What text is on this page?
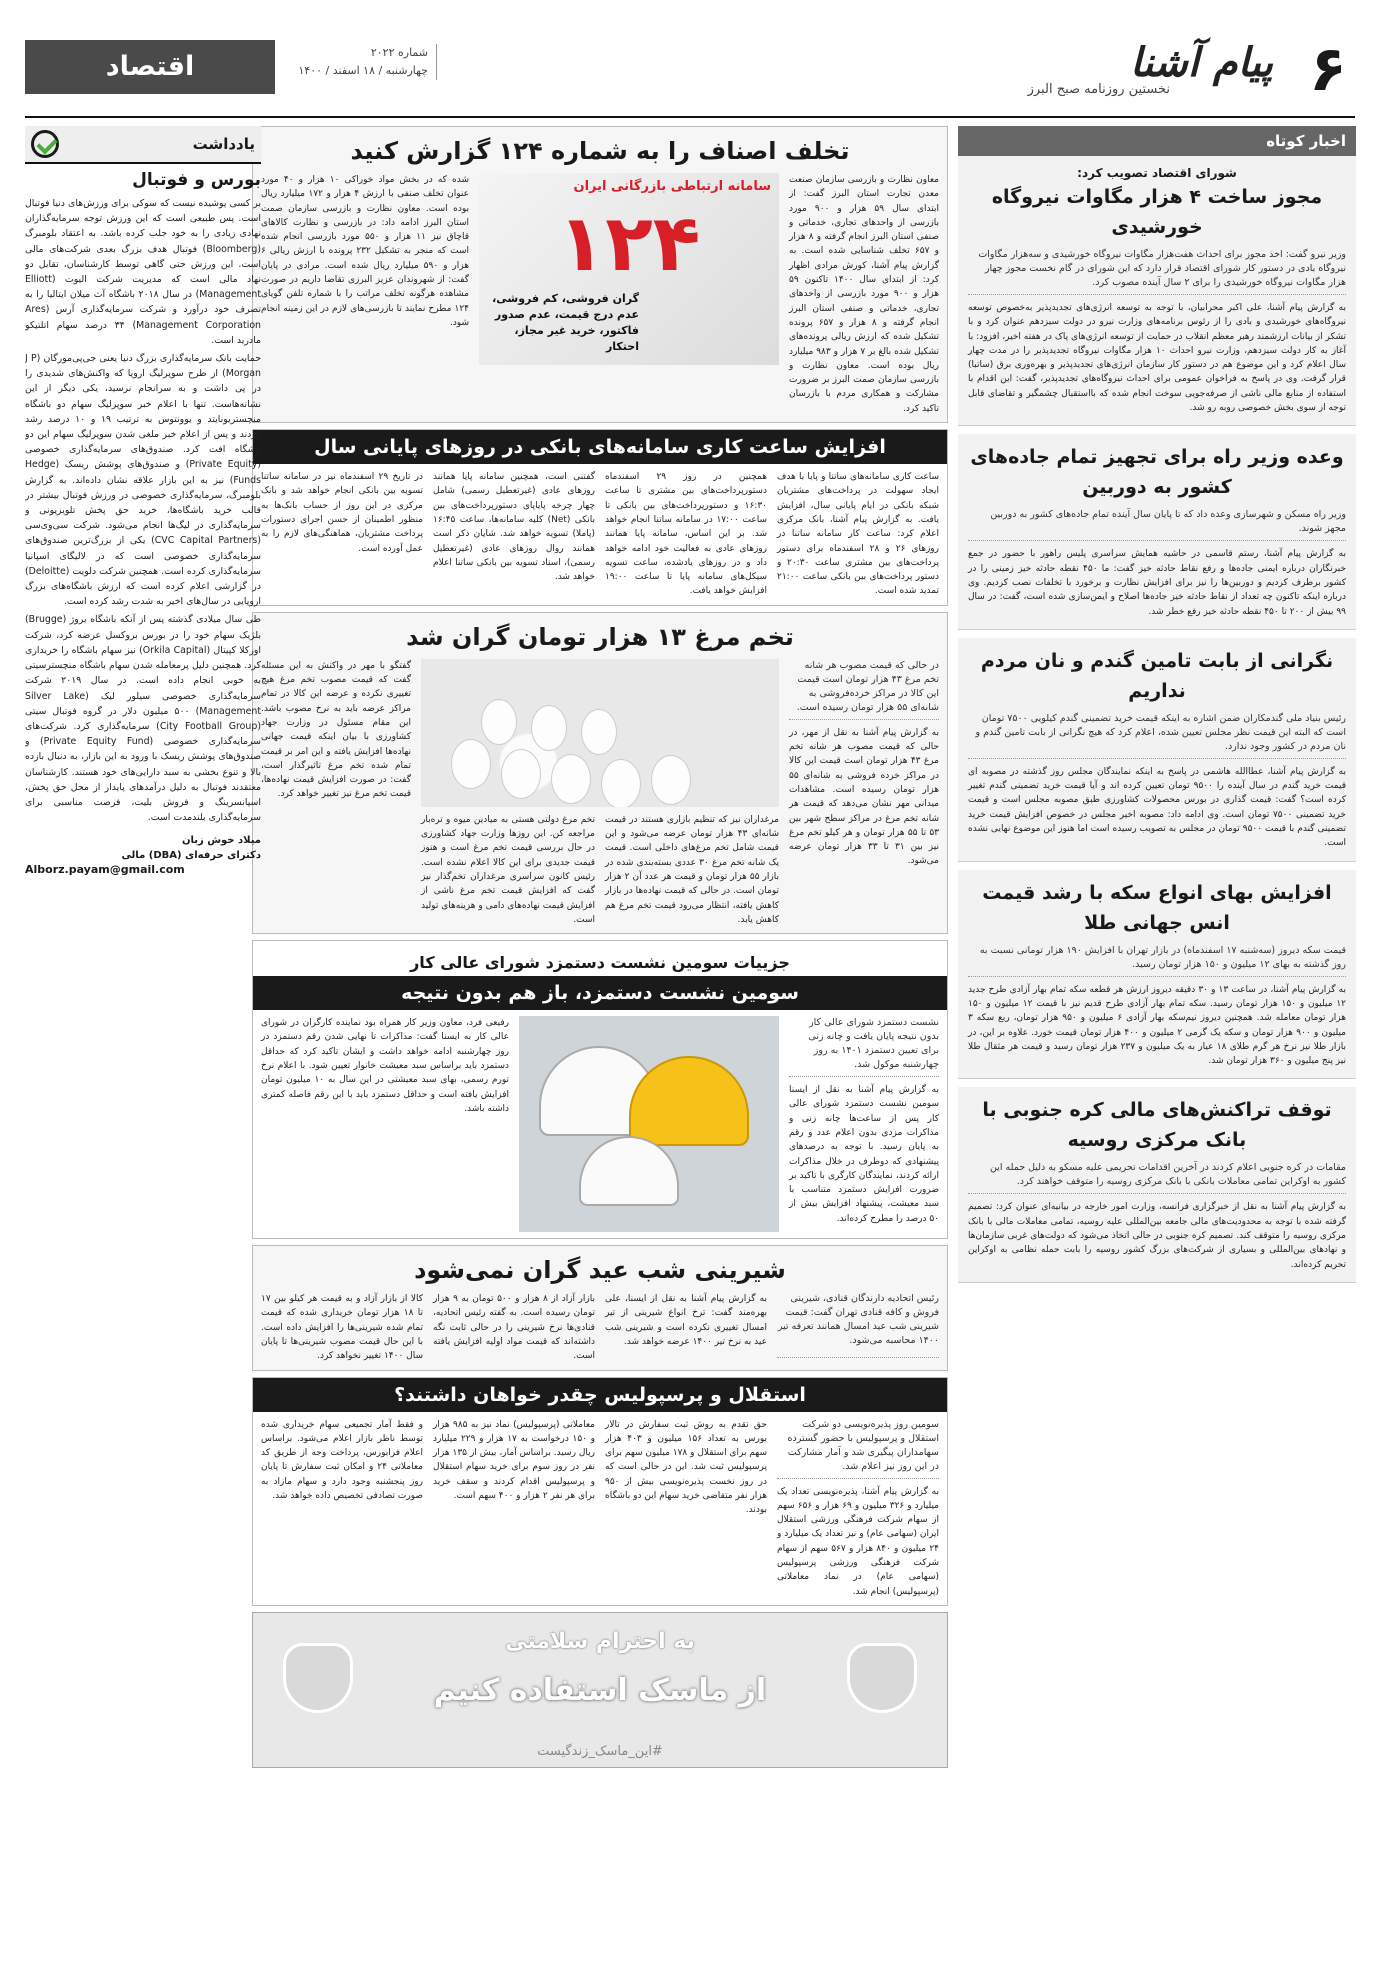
۶
پیام آشنا
نخستین روزنامه صبح البرز
شماره ۲۰۲۲
چهارشنبه / ۱۸ اسفند / ۱۴۰۰
اقتصاد
اخبار کوتاه
شورای اقتصاد تصویب کرد:
مجوز ساخت ۴ هزار مگاوات نیروگاه خورشیدی
وزیر نیرو گفت: اخذ مجوز برای احداث هفت‌هزار مگاوات نیروگاه خورشیدی و سه‌هزار مگاوات نیروگاه بادی در دستور کار شورای اقتصاد قرار دارد که این شورای در گام نخست مجوز چهار هزار مگاوات نیروگاه خورشیدی را برای ۲ سال آینده مصوب کرد.
به گزارش پیام آشنا، علی اکبر محرابیان، با توجه به توسعه انرژی‌های تجدیدپذیر به‌خصوص توسعه نیروگاه‌های خورشیدی و بادی را از رئوس برنامه‌های وزارت نیرو در دولت سیزدهم عنوان کرد و با تشکر از بیانات ارزشمند رهبر معظم انقلاب در حمایت از توسعه انرژی‌های پاک در هفته اخیر، افزود: با آغاز به کار دولت سیزدهم، وزارت نیرو احداث ۱۰ هزار مگاوات نیروگاه تجدیدپذیر را در مدت چهار سال اعلام کرد و این موضوع هم در دستور کار سازمان انرژی‌های تجدیدپذیر و بهره‌وری برق (ساتبا) قرار گرفت. وی در پاسخ به فراخوان عمومی برای احداث نیروگاه‌های تجدیدپذیر، گفت: این اقدام با استفاده از منابع مالی ناشی از صرفه‌جویی سوخت انجام شده که بااستقبال چشمگیر و تقاضای قابل توجه از سوی بخش خصوصی روبه رو شد.
وعده وزیر راه برای تجهیز تمام جاده‌های کشور به دوربین
وزیر راه مسکن و شهرسازی وعده داد که تا پایان سال آینده تمام جاده‌های کشور به دوربین مجهز شوند.
به گزارش پیام آشنا، رستم قاسمی در حاشیه همایش سراسری پلیس راهور با حضور در جمع خبرنگاران درباره ایمنی جاده‌ها و رفع نقاط حادثه خیز گفت: ما ۴۵۰ نقطه حادثه خیز زمینی را در کشور برطرف کردیم و دوربین‌ها را نیز برای افزایش نظارت و برخورد با تخلفات نصب کردیم. وی درباره اینکه تاکنون چه تعداد از نقاط حادثه خیز جاده‌ها اصلاح و ایمن‌سازی شده است، گفت: در سال ۹۹ بیش از ۲۰۰ تا ۴۵۰ نقطه حادثه خیز رفع خطر شد.
نگرانی از بابت تامین گندم و نان مردم نداریم
رئیس بنیاد ملی گندمکاران ضمن اشاره به اینکه قیمت خرید تضمینی گندم کیلویی ۷۵۰۰ تومان است که البته این قیمت نظر مجلس تعیین شده، اعلام کرد که هیچ نگرانی از بابت تامین گندم و نان مردم در کشور وجود ندارد.
به گزارش پیام آشنا، عطاالله هاشمی در پاسخ به اینکه نمایندگان مجلس روز گذشته در مصوبه ای قیمت خرید گندم در سال آینده را ۹۵۰۰ تومان تعیین کرده اند و آیا قیمت خرید تضمینی گندم تغییر کرده است؟ گفت: قیمت گذاری در بورس محصولات کشاورزی طبق مصوبه مجلس است و قیمت خرید تضمینی ۷۵۰۰ تومان است. وی ادامه داد: مصوبه اخیر مجلس در خصوص افزایش قیمت خرید تضمینی گندم با قیمت ۹۵۰۰ تومان در مجلس به تصویب رسیده است اما هنوز این موضوع نهایی نشده است.
افزایش بهای انواع سکه با رشد قیمت انس جهانی طلا
قیمت سکه دیروز (سه‌شنبه ۱۷ اسفندماه) در بازار تهران با افزایش ۱۹۰ هزار تومانی نسبت به روز گذشته به بهای ۱۲ میلیون و ۱۵۰ هزار تومان رسید.
به گزارش پیام آشنا، در ساعت ۱۳ و ۳۰ دقیقه دیروز ارزش هر قطعه سکه تمام بهار آزادی طرح جدید ۱۲ میلیون و ۱۵۰ هزار تومان رسید. سکه تمام بهار آزادی طرح قدیم نیز با قیمت ۱۲ میلیون و ۱۵۰ هزار تومان معامله شد. همچنین دیروز نیم‌سکه بهار آزادی ۶ میلیون و ۹۵۰ هزار تومان، ربع سکه ۳ میلیون و ۹۰۰ هزار تومان و سکه یک گرمی ۲ میلیون و ۴۰۰ هزار تومان قیمت خورد. علاوه بر این، در بازار طلا نیز نرخ هر گرم طلای ۱۸ عیار به یک میلیون و ۲۳۷ هزار تومان رسید و قیمت هر مثقال طلا نیز پنج میلیون و ۳۶۰ هزار تومان شد.
توقف تراکنش‌های مالی کره جنوبی با بانک مرکزی روسیه
مقامات در کره جنوبی اعلام کردند در آخرین اقدامات تحریمی علیه مسکو به دلیل حمله این کشور به اوکراین تمامی معاملات بانکی با بانک مرکزی روسیه را متوقف خواهند کرد.
به گزارش پیام آشنا به نقل از خبرگزاری فرانسه، وزارت امور خارجه در بیانیه‌ای عنوان کرد: تصمیم گرفته شده با توجه به محدودیت‌های مالی جامعه بین‌المللی علیه روسیه، تمامی معاملات مالی با بانک مرکزی روسیه را متوقف کند. تصمیم کره جنوبی در حالی اتخاذ می‌شود که دولت‌های غربی سازمان‌ها و نهادهای بین‌المللی و بسیاری از شرکت‌های بزرگ کشور روسیه را بابت حمله نظامی به اوکراین تحریم کرده‌اند.
تخلف اصناف را به شماره ۱۲۴ گزارش کنید
معاون نظارت و بازرسی سازمان صنعت معدن تجارت استان البرز گفت: از ابتدای سال ۵۹ هزار و ۹۰۰ مورد بازرسی از واحدهای تجاری، خدماتی و صنفی استان البرز انجام گرفته و ۸ هزار و ۶۵۷ تخلف شناسایی شده است. به گزارش پیام آشنا، کورش مرادی اظهار کرد: از ابتدای سال ۱۴۰۰ تاکنون ۵۹ هزار و ۹۰۰ مورد بازرسی از واحدهای تجاری، خدماتی و صنفی استان البرز انجام گرفته و ۸ هزار و ۶۵۷ پرونده تشکیل شده که ارزش ریالی پرونده‌های تشکیل شده بالغ بر ۷ هزار و ۹۸۳ میلیارد ریال بوده است. معاون نظارت و بازرسی سازمان صمت البرز بر ضرورت مشارکت و همکاری مردم با بازرسان تاکید کرد.
سامانه ارتباطی بازرگانی ایران
۱۲۴
گران فروشی، کم فروشی، عدم درج قیمت، عدم صدور فاکتور، خرید غیر مجاز، احتکار
شده که در بخش مواد خوراکی ۱۰ هزار و ۴۰ مورد عنوان تخلف صنفی با ارزش ۴ هزار و ۱۷۲ میلیارد ریال بوده است. معاون نظارت و بازرسی سازمان صمت استان البرز ادامه داد: در بازرسی و نظارت کالاهای قاچاق نیز ۱۱ هزار و ۵۵۰ مورد بازرسی انجام شده است که منجر به تشکیل ۲۳۲ پرونده با ارزش ریالی ۶ هزار و ۵۹۰ میلیارد ریال شده است. مرادی در پایان گفت: از شهروندان عزیز البرزی تقاضا داریم در صورت مشاهده هرگونه تخلف مراتب را با شماره تلفن گویای ۱۲۴ مطرح نمایند تا بازرسی‌های لازم در این زمینه انجام شود.
افزایش ساعت کاری سامانه‌های بانکی در روزهای پایانی سال
ساعت کاری سامانه‌های ساتنا و پایا با هدف ایجاد سهولت در پرداخت‌های مشتریان شبکه بانکی در ایام پایانی سال، افزایش یافت. به گزارش پیام آشنا، بانک مرکزی اعلام کرد: ساعت کار سامانه ساتنا در روزهای ۲۶ و ۲۸ اسفندماه برای دستور پرداخت‌های بین مشتری ساعت ۲۰:۳۰ و دستور پرداخت‌های بین بانکی ساعت ۲۱:۰۰ تمدید شده است.
همچنین در روز ۲۹ اسفندماه دستورپرداخت‌های بین مشتری تا ساعت ۱۶:۳۰ و دستورپرداخت‌های بین بانکی تا ساعت ۱۷:۰۰ در سامانه ساتنا انجام خواهد شد. بر این اساس، سامانه پایا همانند روزهای عادی به فعالیت خود ادامه خواهد داد و در روزهای یادشده، ساعت تسویه سیکل‌های سامانه پایا تا ساعت ۱۹:۰۰ افزایش خواهد یافت.
گفتنی است، همچنین سامانه پایا همانند روزهای عادی (غیرتعطیل رسمی) شامل چهار چرخه پایاپای دستورپرداخت‌های بین بانکی (Net) کلیه سامانه‌ها، ساعت ۱۶:۴۵ (پاملا) تسویه خواهد شد. شایان ذکر است همانند روال روزهای عادی (غیرتعطیل رسمی)، اسناد تسویه بین بانکی ساتنا اعلام خواهد شد.
در تاریخ ۲۹ اسفندماه نیز در سامانه ساتنا تسویه بین بانکی انجام خواهد شد و بانک مرکزی در این روز از حساب بانک‌ها به منظور اطمینان از حسن اجرای دستورات پرداخت مشتریان، هماهنگی‌های لازم را به عمل آورده است.
تخم مرغ ۱۳ هزار تومان گران شد
در حالی که قیمت مصوب هر شانه تخم مرغ ۴۳ هزار تومان است قیمت این کالا در مراکز خرده‌فروشی به شانه‌ای ۵۵ هزار تومان رسیده است.
به گزارش پیام آشنا به نقل از مهر، در حالی که قیمت مصوب هر شانه تخم مرغ ۴۳ هزار تومان است قیمت این کالا در مراکز خرده فروشی به شانه‌ای ۵۵ هزار تومان رسیده است. مشاهدات میدانی مهر نشان می‌دهد که قیمت هر شانه تخم مرغ در مراکز سطح شهر بین ۵۳ تا ۵۵ هزار تومان و هر کیلو تخم مرغ نیز بین ۳۱ تا ۳۳ هزار تومان عرضه می‌شود.
مرغداران نیز که تنظیم بازاری هستند در قیمت شانه‌ای ۴۳ هزار تومان عرضه می‌شود و این قیمت شامل تخم مرغ‌های داخلی است. قیمت یک شانه تخم مرغ ۳۰ عددی بسته‌بندی شده در بازار ۵۵ هزار تومان و قیمت هر عدد آن ۲ هزار تومان است. در حالی که قیمت نهاده‌ها در بازار کاهش یافته، انتظار می‌رود قیمت تخم مرغ هم کاهش یابد.
تخم مرغ دولتی هستی به میادین میوه و تره‌بار مراجعه کن. این روزها وزارت جهاد کشاورزی در حال بررسی قیمت تخم مرغ است و هنوز قیمت جدیدی برای این کالا اعلام نشده است. رئیس کانون سراسری مرغداران تخم‌گذار نیز گفت که افزایش قیمت تخم مرغ ناشی از افزایش قیمت نهاده‌های دامی و هزینه‌های تولید است.
گفتگو با مهر در واکنش به این مسئله گفت که قیمت مصوب تخم مرغ هیچ تغییری نکرده و عرضه این کالا در تمام مراکز عرضه باید به نرخ مصوب باشد. این مقام مسئول در وزارت جهاد کشاورزی با بیان اینکه قیمت جهانی نهاده‌ها افزایش یافته و این امر بر قیمت تمام شده تخم مرغ تاثیرگذار است، گفت: در صورت افزایش قیمت نهاده‌ها، قیمت تخم مرغ نیز تغییر خواهد کرد.
جزییات سومین نشست دستمزد شورای عالی کار
سومین نشست دستمزد، باز هم بدون نتیجه
نشست دستمزد شورای عالی کار بدون نتیجه پایان یافت و چانه زنی برای تعیین دستمزد ۱۴۰۱ به روز چهارشنبه موکول شد.
به گزارش پیام آشنا به نقل از ایسنا سومین نشست دستمزد شورای عالی کار پس از ساعت‌ها چانه زنی و مذاکرات مزدی بدون اعلام عدد و رقم به پایان رسید. با توجه به درصدهای پیشنهادی که دوطرف در خلال مذاکرات ارائه کردند، نمایندگان کارگری با تاکید بر ضرورت افزایش دستمزد متناسب با سبد معیشت، پیشنهاد افزایش بیش از ۵۰ درصد را مطرح کرده‌اند.
رفیعی فرد، معاون وزیر کار همراه بود نماینده کارگران در شورای عالی کار به ایسنا گفت: مذاکرات تا نهایی شدن رقم دستمزد در روز چهارشنبه ادامه خواهد داشت و ایشان تاکید کرد که حداقل دستمزد باید براساس سبد معیشت خانوار تعیین شود. با اعلام نرخ تورم رسمی، بهای سبد معیشتی در این سال به ۱۰ میلیون تومان افزایش یافته است و حداقل دستمزد باید با این رقم فاصله کمتری داشته باشد.
شیرینی شب عید گران نمی‌شود
رئیس اتحادیه دارندگان قنادی، شیرینی فروش و کافه قنادی تهران گفت: قیمت شیرینی شب عید امسال همانند تعرفه تیر ۱۴۰۰ محاسبه می‌شود.
به گزارش پیام آشنا به نقل از ایسنا، علی بهره‌مند گفت: ترخ انواع شیرینی از تیر امسال تغییری نکرده است و شیرینی شب عید به نرخ تیر ۱۴۰۰ عرضه خواهد شد.
بازار آزاد از ۸ هزار و ۵۰۰ تومان به ۹ هزار تومان رسیده است. به گفته رئیس اتحادیه، قنادی‌ها نرخ شیرینی را در حالی ثابت نگه داشته‌اند که قیمت مواد اولیه افزایش یافته است.
کالا از بازار آزاد و به قیمت هر کیلو بین ۱۷ تا ۱۸ هزار تومان خریداری شده که قیمت تمام شده شیرینی‌ها را افزایش داده است. با این حال قیمت مصوب شیرینی‌ها تا پایان سال ۱۴۰۰ تغییر نخواهد کرد.
استقلال و پرسپولیس چقدر خواهان داشتند؟
سومین روز پذیره‌نویسی دو شرکت استقلال و پرسپولیس با حضور گسترده سهامداران پیگیری شد و آمار مشارکت در این روز نیز اعلام شد.
به گزارش پیام آشنا، پذیره‌نویسی تعداد یک میلیارد و ۳۲۶ میلیون و ۶۹ هزار و ۶۵۶ سهم از سهام شرکت فرهنگی ورزشی استقلال ایران (سهامی عام) و نیز تعداد یک میلیارد و ۲۴ میلیون و ۸۴۰ هزار و ۵۶۷ سهم از سهام شرکت فرهنگی ورزشی پرسپولیس (سهامی عام) در نماد معاملاتی (پرسپولیس) انجام شد.
حق تقدم به روش ثبت سفارش در تالار بورس به تعداد ۱۵۶ میلیون و ۴۰۳ هزار سهم برای استقلال و ۱۷۸ میلیون سهم برای پرسپولیس ثبت شد. این در حالی است که در روز نخست پذیره‌نویسی بیش از ۹۵۰ هزار نفر متقاضی خرید سهام این دو باشگاه بودند.
معاملاتی (پرسپولیس) نماد نیز به ۹۸۵ هزار و ۱۵۰ درخواست به ۱۷ هزار و ۲۲۹ میلیارد ریال رسید. براساس آمار، بیش از ۱۳۵ هزار نفر در روز سوم برای خرید سهام استقلال و پرسپولیس اقدام کردند و سقف خرید برای هر نفر ۲ هزار و ۴۰۰ سهم است.
و فقط آمار تجمیعی سهام خریداری شده توسط ناظر بازار اعلام می‌شود. براساس اعلام فرابورس، پرداخت وجه از طریق کد معاملاتی ۲۴ و امکان ثبت سفارش تا پایان روز پنجشنبه وجود دارد و سهام مازاد به صورت تصادفی تخصیص داده خواهد شد.
به احترام سلامتی
از ماسک استفاده کنیم
#این_ماسک_زندگیست
یادداشت
بورس و فوتبال

بر کسی پوشیده نیست که سوکی برای ورزش‌های دنیا فوتبال است. پس طبیعی است که این ورزش توجه سرمایه‌گذاران نهادی زیادی را به خود جلب کرده باشد. به اعتقاد بلومبرگ (Bloomberg) فوتبال هدف بزرگ بعدی شرکت‌های مالی است. این ورزش حتی گاهی توسط کارشناسان، تقابل دو نهاد مالی است که مدیریت شرکت الیوت (Elliott Management) در سال ۲۰۱۸ باشگاه آث میلان ایتالیا را به تصرف خود درآورد و شرکت سرمایه‌گذاری آرس (Ares Management Corporation) ۳۴ درصد سهام اتلتیکو مادرید است.

حمایت بانک سرمایه‌گذاری بزرگ دنیا یعنی جی‌پی‌مورگان (J P Morgan) از طرح سوپرلیگ اروپا که واکنش‌های شدیدی را در پی داشت و به سرانجام نرسید، یکی دیگر از این نشانه‌هاست. تنها با اعلام خبر سوپرلیگ سهام دو باشگاه منچستریونایتد و یوونتوس به ترتیب ۱۹ و ۱۰ درصد رشد کردند و پس از اعلام خبر ملغی شدن سوپرلیگ سهام این دو باشگاه افت کرد. صندوق‌های سرمایه‌گذاری خصوصی (Private Equity) و صندوق‌های پوشش ریسک (Hedge Funds) نیز به این بازار علاقه نشان داده‌اند. به گزارش بلومبرگ، سرمایه‌گذاری خصوصی در ورزش فوتبال بیشتر در قالب خرید باشگاه‌ها، خرید حق پخش تلویزیونی و سرمایه‌گذاری در لیگ‌ها انجام می‌شود. شرکت سی‌وی‌سی (CVC Capital Partners) یکی از بزرگ‌ترین صندوق‌های سرمایه‌گذاری خصوصی است که در لالیگای اسپانیا سرمایه‌گذاری کرده است. همچنین شرکت دلویت (Deloitte) در گزارشی اعلام کرده است که ارزش باشگاه‌های بزرگ اروپایی در سال‌های اخیر به شدت رشد کرده است.

طی سال میلادی گذشته پس از آنکه باشگاه بروژ (Brugge) بلژیک سهام خود را در بورس بروکسل عرضه کرد، شرکت اورکلا کپیتال (Orkila Capital) نیز سهام باشگاه را خریداری کرد. همچنین دلیل پرمعامله شدن سهام باشگاه منچسترسیتی به خوبی انجام داده است. در سال ۲۰۱۹ شرکت سرمایه‌گذاری خصوصی سیلور لیک (Silver Lake Management) ۵۰۰ میلیون دلار در گروه فوتبال سیتی (City Football Group) سرمایه‌گذاری کرد. شرکت‌های سرمایه‌گذاری خصوصی (Private Equity Fund) و صندوق‌های پوشش ریسک با ورود به این بازار، به دنبال بازده بالا و تنوع بخشی به سبد دارایی‌های خود هستند. کارشناسان معتقدند فوتبال به دلیل درآمدهای پایدار از محل حق پخش، اسپانسرینگ و فروش بلیت، فرصت مناسبی برای سرمایه‌گذاری بلندمدت است.

میلاد خوش زبان
دکترای حرفه‌ای (DBA) مالی
Alborz.payam@gmail.com
